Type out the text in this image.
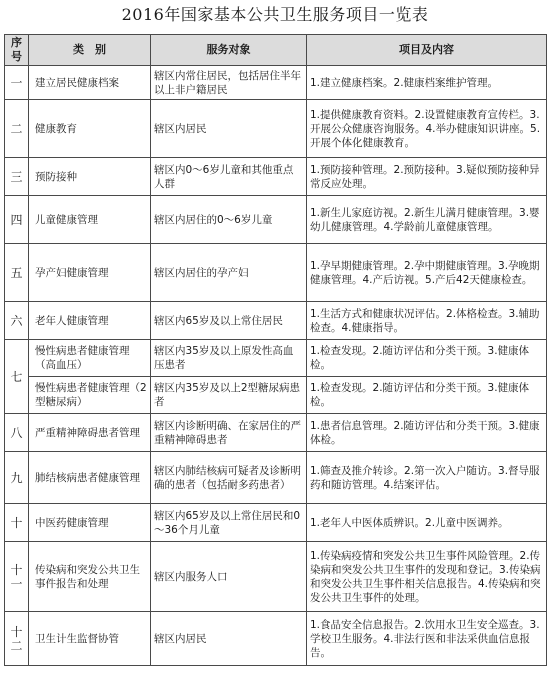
2016年国家基本公共卫生服务项目一览表
序号	类　别	服务对象	项目及内容
一	建立居民健康档案	辖区内常住居民，包括居住半年以上非户籍居民	1.建立健康档案。2.健康档案维护管理。
二	健康教育	辖区内居民	1.提供健康教育资料。2.设置健康教育宣传栏。3.开展公众健康咨询服务。4.举办健康知识讲座。5.开展个体化健康教育。
三	预防接种	辖区内0～6岁儿童和其他重点人群	1.预防接种管理。2.预防接种。3.疑似预防接种异常反应处理。
四	儿童健康管理	辖区内居住的0～6岁儿童	1.新生儿家庭访视。2.新生儿满月健康管理。3.婴幼儿健康管理。4.学龄前儿童健康管理。
五	孕产妇健康管理	辖区内居住的孕产妇	1.孕早期健康管理。2.孕中期健康管理。3.孕晚期健康管理。4.产后访视。5.产后42天健康检查。
六	老年人健康管理	辖区内65岁及以上常住居民	1.生活方式和健康状况评估。2.体格检查。3.辅助检查。4.健康指导。
七	慢性病患者健康管理（高血压）	辖区内35岁及以上原发性高血压患者	1.检查发现。2.随访评估和分类干预。3.健康体检。
	慢性病患者健康管理（2型糖尿病）	辖区内35岁及以上2型糖尿病患者	1.检查发现。2.随访评估和分类干预。3.健康体检。
八	严重精神障碍患者管理	辖区内诊断明确、在家居住的严重精神障碍患者	1.患者信息管理。2.随访评估和分类干预。3.健康体检。
九	肺结核病患者健康管理	辖区内肺结核病可疑者及诊断明确的患者（包括耐多药患者）	1.筛查及推介转诊。2.第一次入户随访。3.督导服药和随访管理。4.结案评估。
十	中医药健康管理	辖区内65岁及以上常住居民和0～36个月儿童	1.老年人中医体质辨识。2.儿童中医调养。
十一	传染病和突发公共卫生事件报告和处理	辖区内服务人口	1.传染病疫情和突发公共卫生事件风险管理。2.传染病和突发公共卫生事件的发现和登记。3.传染病和突发公共卫生事件相关信息报告。4.传染病和突发公共卫生事件的处理。
十二	卫生计生监督协管	辖区内居民	1.食品安全信息报告。2.饮用水卫生安全巡查。3.学校卫生服务。4.非法行医和非法采供血信息报告。
